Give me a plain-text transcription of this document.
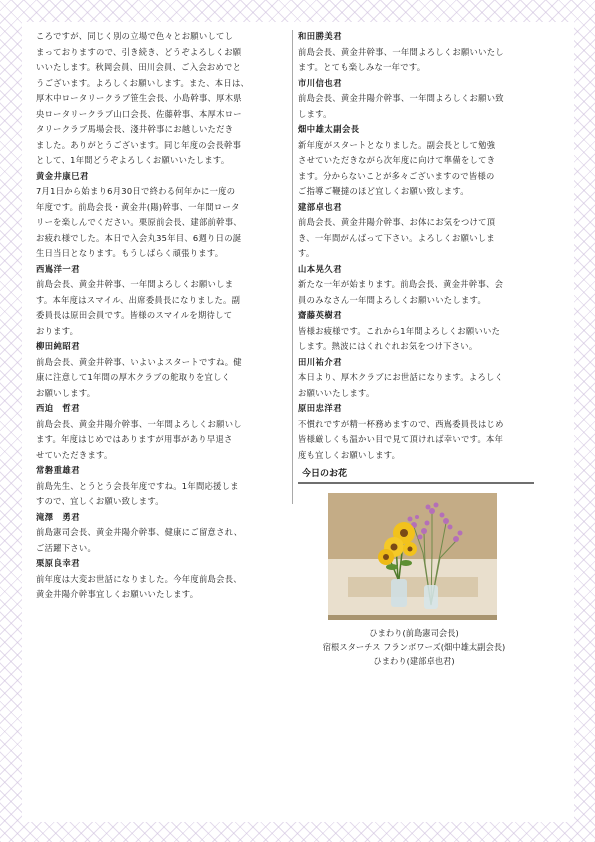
ころですが、同じく別の立場で色々とお願いしてし
まっておりますので、引き続き、どうぞよろしくお願
いいたします。秋岡会員、田川会員、ご入会おめでと
うございます。よろしくお願いします。また、本日は、
厚木中ロータリークラブ笹生会長、小島幹事、厚木県
央ロータリークラブ山口会長、佐藤幹事、本厚木ロー
タリークラブ馬場会長、淺井幹事にお越しいただき
ました。ありがとうございます。同じ年度の会長幹事
として、1年間どうぞよろしくお願いいたします。
黄金井康巳君
7月1日から始まり6月30日で終わる何年かに一度の
年度です。前島会長・黄金井(陽)幹事、一年間ロータ
リーを楽しんでください。栗原前会長、建部前幹事、
お疲れ様でした。本日で入会丸35年目、6週り日の誕
生日当日となります。もうしばらく頑張ります。
西嶌洋一君
前島会長、黄金井幹事、一年間よろしくお願いしま
す。本年度はスマイル、出席委員長になりました。副
委員長は原田会員です。皆様のスマイルを期待して
おります。
柳田純昭君
前島会長、黄金井幹事、いよいよスタートですね。健
康に注意して1年間の厚木クラブの舵取りを宜しく
お願いします。
西迫　哲君
前島会長、黄金井陽介幹事、一年間よろしくお願いし
ます。年度はじめではありますが用事があり早退さ
せていただきます。
常磐重雄君
前島先生、とうとう会長年度ですね。1年間応援しま
すので、宜しくお願い致します。
滝澤　勇君
前島憲司会長、黄金井陽介幹事、健康にご留意され、
ご活躍下さい。
栗原良幸君
前年度は大変お世話になりました。今年度前島会長、
黄金井陽介幹事宜しくお願いいたします。
和田勝美君
前島会長、黄金井幹事、一年間よろしくお願いいたし
ます。とても楽しみな一年です。
市川信也君
前島会長、黄金井陽介幹事、一年間よろしくお願い致
します。
畑中雄太副会長
新年度がスタートとなりました。副会長として勉強
させていただきながら次年度に向けて準備をしてき
ます。分からないことが多々ございますので皆様の
ご指導ご鞭撻のほど宜しくお願い致します。
建部卓也君
前島会長、黄金井陽介幹事、お体にお気をつけて頂
き、一年間がんばって下さい。よろしくお願いしま
す。
山本晃久君
新たな一年が始まります。前島会長、黄金井幹事、会
員のみなさん一年間よろしくお願いいたします。
齋藤英樹君
皆様お疲様です。これから1年間よろしくお願いいた
します。熱波にはくれぐれお気をつけ下さい。
田川祐介君
本日より、厚木クラブにお世話になります。よろしく
お願いいたします。
原田忠洋君
不慣れですが精一杯務めますので、西嶌委員長はじめ
皆様厳しくも温かい目で見て頂ければ幸いです。本年
度も宜しくお願いします。
今日のお花
ひまわり(前島憲司会長)
宿根スターチス フランボワーズ(畑中雄太副会長)
ひまわり(建部卓也君)
